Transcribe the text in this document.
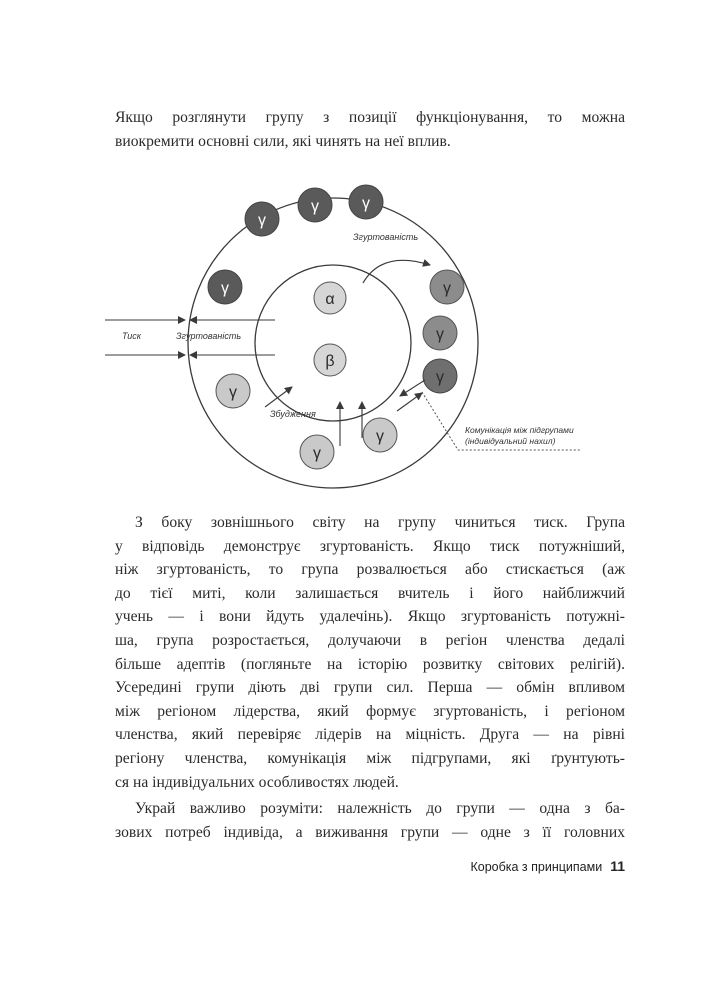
Якщо розглянути групу з позиції функціонування, то можна
виокремити основні сили, які чинять на неї вплив.
γ
γ	γ
γ	γ
γ
γ
γ
γ
γ
α
β
Згуртованість
Тиск	Згуртованість
Збудження
Комунікація між підгрупами
(індивідуальний нахил)
З боку зовнішнього світу на групу чиниться тиск. Група
у відповідь демонструє згуртованість. Якщо тиск потужніший,
ніж згуртованість, то група розвалюється або стискається (аж
до тієї миті, коли залишається вчитель і його найближчий
учень — і вони йдуть удалечінь). Якщо згуртованість потужні-
ша, група розростається, долучаючи в регіон членства дедалі
більше адептів (погляньте на історію розвитку світових релігій).
Усередині групи діють дві групи сил. Перша — обмін впливом
між регіоном лідерства, який формує згуртованість, і регіоном
членства, який перевіряє лідерів на міцність. Друга — на рівні
регіону членства, комунікація між підгрупами, які ґрунтують-
ся на індивідуальних особливостях людей.
Украй важливо розуміти: належність до групи — одна з ба-
зових потреб індивіда, а виживання групи — одне з її головних
Коробка з принципами 11
